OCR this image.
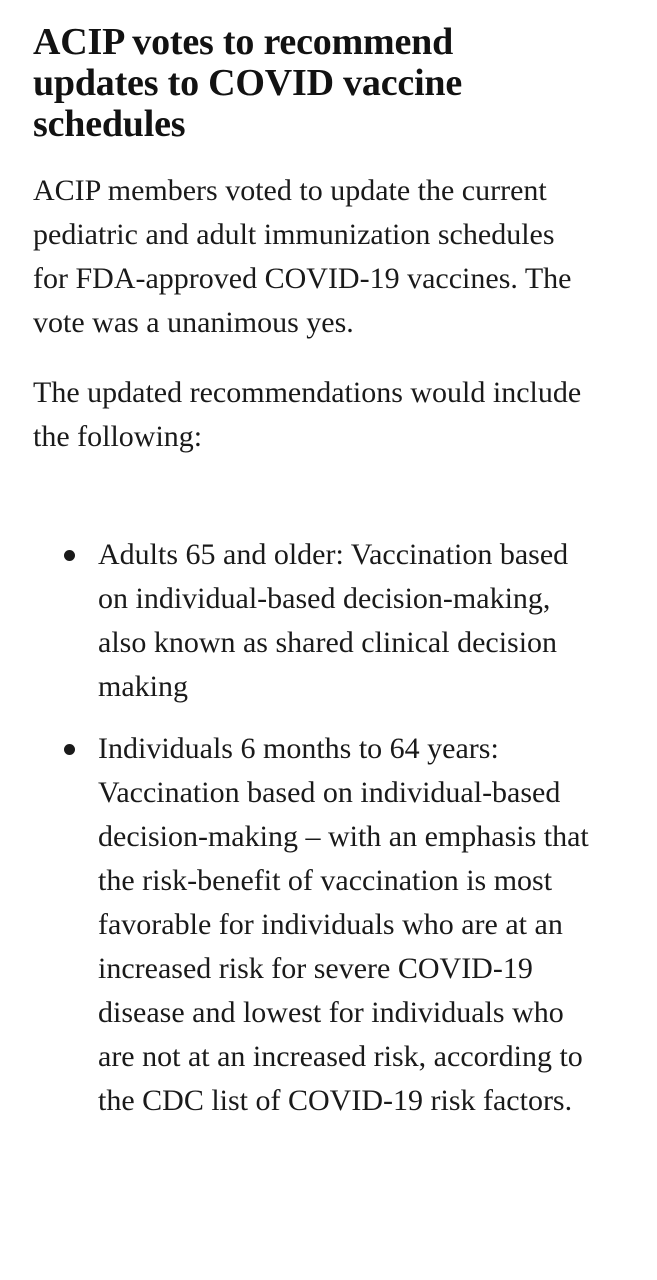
ACIP votes to recommend updates to COVID vaccine schedules

ACIP members voted to update the current pediatric and adult immunization schedules for FDA-approved COVID-19 vaccines. The vote was a unanimous yes.

The updated recommendations would include the following:

Adults 65 and older: Vaccination based on individual-based decision-making, also known as shared clinical decision making
Individuals 6 months to 64 years: Vaccination based on individual-based decision-making – with an emphasis that the risk-benefit of vaccination is most favorable for individuals who are at an increased risk for severe COVID-19 disease and lowest for individuals who are not at an increased risk, according to the CDC list of COVID-19 risk factors.
